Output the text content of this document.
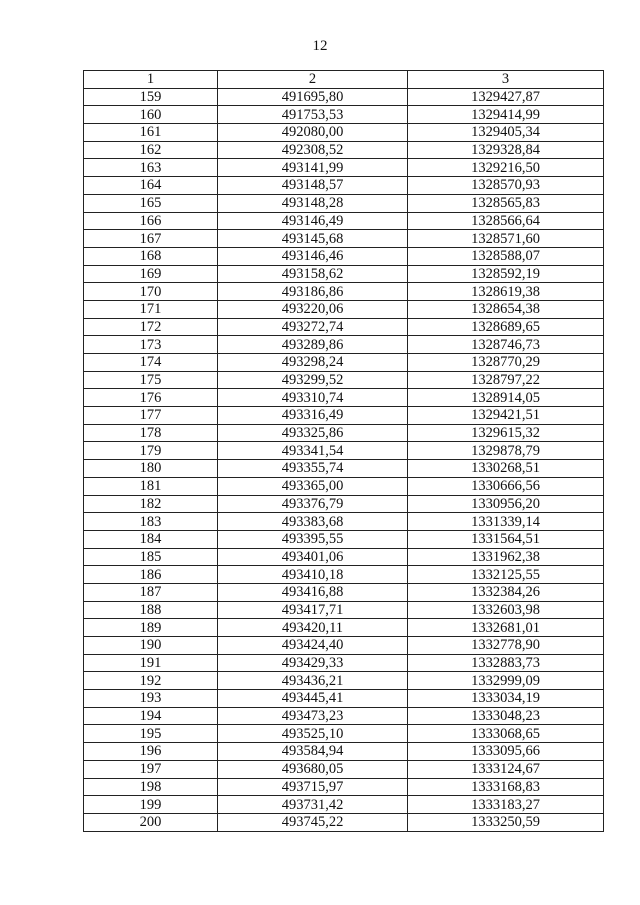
12
1	2	3
159	491695,80	1329427,87
160	491753,53	1329414,99
161	492080,00	1329405,34
162	492308,52	1329328,84
163	493141,99	1329216,50
164	493148,57	1328570,93
165	493148,28	1328565,83
166	493146,49	1328566,64
167	493145,68	1328571,60
168	493146,46	1328588,07
169	493158,62	1328592,19
170	493186,86	1328619,38
171	493220,06	1328654,38
172	493272,74	1328689,65
173	493289,86	1328746,73
174	493298,24	1328770,29
175	493299,52	1328797,22
176	493310,74	1328914,05
177	493316,49	1329421,51
178	493325,86	1329615,32
179	493341,54	1329878,79
180	493355,74	1330268,51
181	493365,00	1330666,56
182	493376,79	1330956,20
183	493383,68	1331339,14
184	493395,55	1331564,51
185	493401,06	1331962,38
186	493410,18	1332125,55
187	493416,88	1332384,26
188	493417,71	1332603,98
189	493420,11	1332681,01
190	493424,40	1332778,90
191	493429,33	1332883,73
192	493436,21	1332999,09
193	493445,41	1333034,19
194	493473,23	1333048,23
195	493525,10	1333068,65
196	493584,94	1333095,66
197	493680,05	1333124,67
198	493715,97	1333168,83
199	493731,42	1333183,27
200	493745,22	1333250,59
